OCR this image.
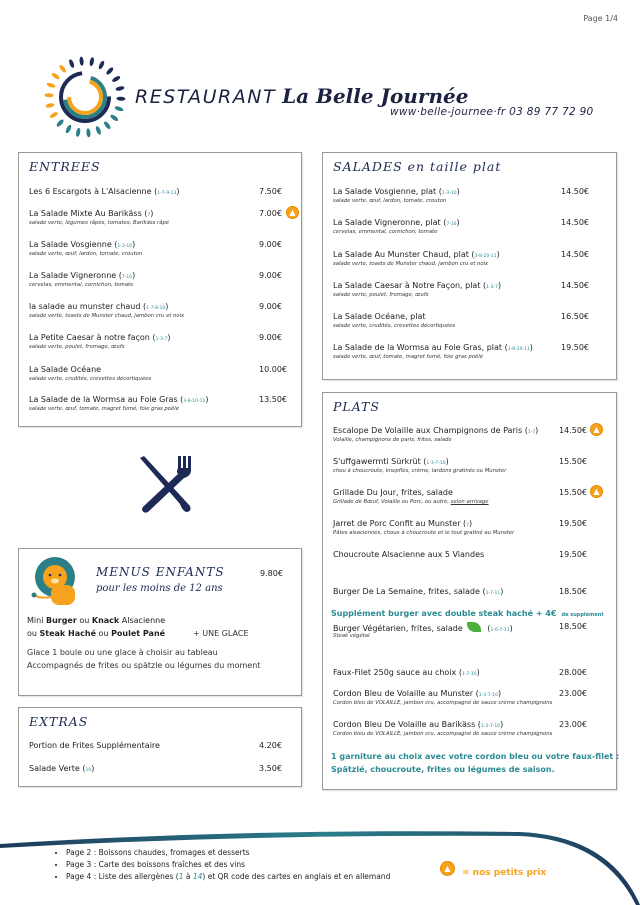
Page 1/4
RESTAURANT La Belle Journée
www·belle-journee·fr 03 89 77 72 90
ENTREES
Les 6 Escargots à L'Alsacienne ( 1-7-9-13 )	7.50€
La Salade Mixte Au Barikäss ( 7 )
salade verte, légumes râpés, tomates, Barikäss râpé
7.00€ ▲
La Salade Vosgienne ( 1-3-10 )
salade verte, œuf, lardon, tomate, crouton
9.00€
La Salade Vigneronne ( 7-10 )
cervelas, emmental, cornichon, tomate
9.00€
la salade au munster chaud ( 1-7-8-10 )
salade verte, toasts de Munster chaud, jambon cru et noix
9.00€
La Petite Caesar à notre façon ( 1-3-7 )
salade verte, poulet, fromage, œufs
9.00€
La Salade Océane
salade verte, crudités, crevettes décortiquées
10.00€
La Salade de la Wormsa au Foie Gras ( 3-8-10-11 )
salade verte, œuf, tomate, magret fumé, foie gras poêlé
13.50€
SALADES en taille plat
La Salade Vosgienne, plat ( 1-3-10 )
salade verte, œuf, lardon, tomate, crouton
14.50€
La Salade Vigneronne, plat ( 7-10 )
cervelas, emmental, cornichon, tomate
14.50€
La Salade Au Munster Chaud, plat ( 3-8-10-11 )
salade verte, toasts de Munster chaud, jambon cru et noix
14.50€
La Salade Caesar à Notre Façon, plat ( 1-3-7 )
salade verte, poulet, fromage, œufs
14.50€
La Salade Océane, plat
salade verte, crudités, crevettes décortiquées
16.50€
La Salade de la Wormsa au Foie Gras, plat ( 3-8-10-11 )
salade verte, œuf, tomate, magret fumé, foie gras poêlé
19.50€
PLATS
Supplément burger avec double steak haché + 4€ de supplément
1 garniture au choix avec votre cordon bleu ou votre faux-filet :
Spätzlé, choucroute, frites ou légumes de saison.
Escalope De Volaille aux Champignons de Paris ( 1-7 )
Volaille, champignons de paris, frites, salade
14.50€ ▲
S'uffgawermti Sürkrüt ( 1-3-7-10 )
chou à choucroute, knepflés, crème, lardons gratinés ou Munster
15.50€
Grillade Du Jour, frites, salade
Grillade de Bœuf, Volaille ou Porc, ou autre, selon arrivage
15.50€ ▲
Jarret de Porc Confit au Munster ( 7 )
Pâtes alsaciennes, choux à choucroute et le tout gratiné au Munster
19.50€
Choucroute Alsacienne aux 5 Viandes	19.50€
Burger De La Semaine, frites, salade ( 1-7-11 )	18.50€
Burger Végétarien, frites, salade	( 1-6-7-11 )
Steak végétal
18.50€
Faux-Filet 250g sauce au choix ( 1-7-10 )	28.00€
Cordon Bleu de Volaille au Munster ( 1-3-7-10 )
Cordon bleu de VOLAILLE, jambon cru, accompagné de sauce crème champignons
23.00€
Cordon Bleu De Volaille au Barikäss ( 1-3-7-10 )
Cordon bleu de VOLAILLE, jambon cru, accompagné de sauce crème champignons
23.00€
MENUS ENFANTS
pour les moins de 12 ans
9.80€
Mini Burger ou Knack Alsacienne
ou Steak Haché ou Poulet Pané	+ UNE GLACE
Glace 1 boule ou une glace à choisir au tableau
Accompagnés de frites ou spätzle ou légumes du moment
EXTRAS
Portion de Frites Supplémentaire	4.20€
Salade Verte ( 10 )	3.50€
• Page 2 : Boissons chaudes, fromages et desserts
• Page 3 : Carte des boissons fraîches et des vins
• Page 4 : Liste des allergènes (1 à 14) et QR code des cartes en anglais et en allemand
▲	= nos petits prix
